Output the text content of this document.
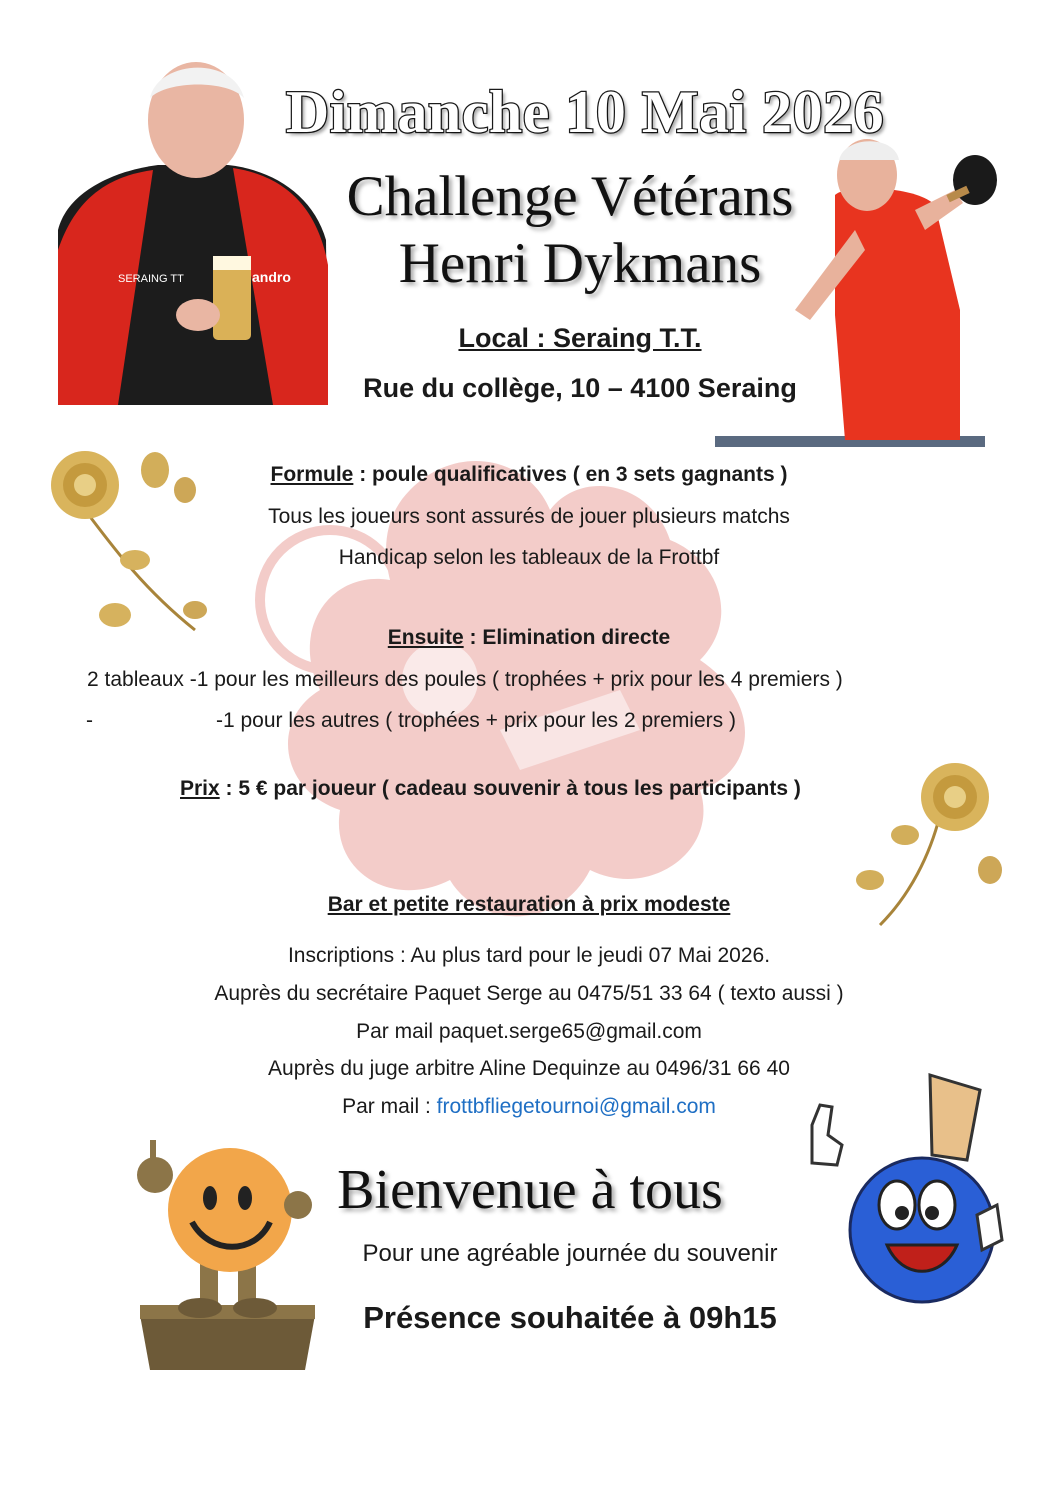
SERAING TT	andro
Dimanche 10 Mai 2026
Challenge Vétérans
Henri Dykmans
Local : Seraing T.T.
Rue du collège, 10 – 4100 Seraing
Formule : poule qualificatives ( en 3 sets gagnants )
Tous les joueurs sont assurés de jouer plusieurs matchs
Handicap selon les tableaux de la Frottbf
Ensuite : Elimination directe
2 tableaux -1 pour les meilleurs des poules ( trophées + prix pour les 4 premiers )
-	-1 pour les autres ( trophées + prix pour les 2 premiers )
Prix : 5 € par joueur ( cadeau souvenir à tous les participants )
Bar et petite restauration à prix modeste
Inscriptions : Au plus tard pour le jeudi 07 Mai 2026.
Auprès du secrétaire Paquet Serge au 0475/51 33 64 ( texto aussi )
Par mail paquet.serge65@gmail.com
Auprès du juge arbitre Aline Dequinze au 0496/31 66 40
Par mail : frottbfliegetournoi@gmail.com
Bienvenue à tous
Pour une agréable journée du souvenir
Présence souhaitée à 09h15
